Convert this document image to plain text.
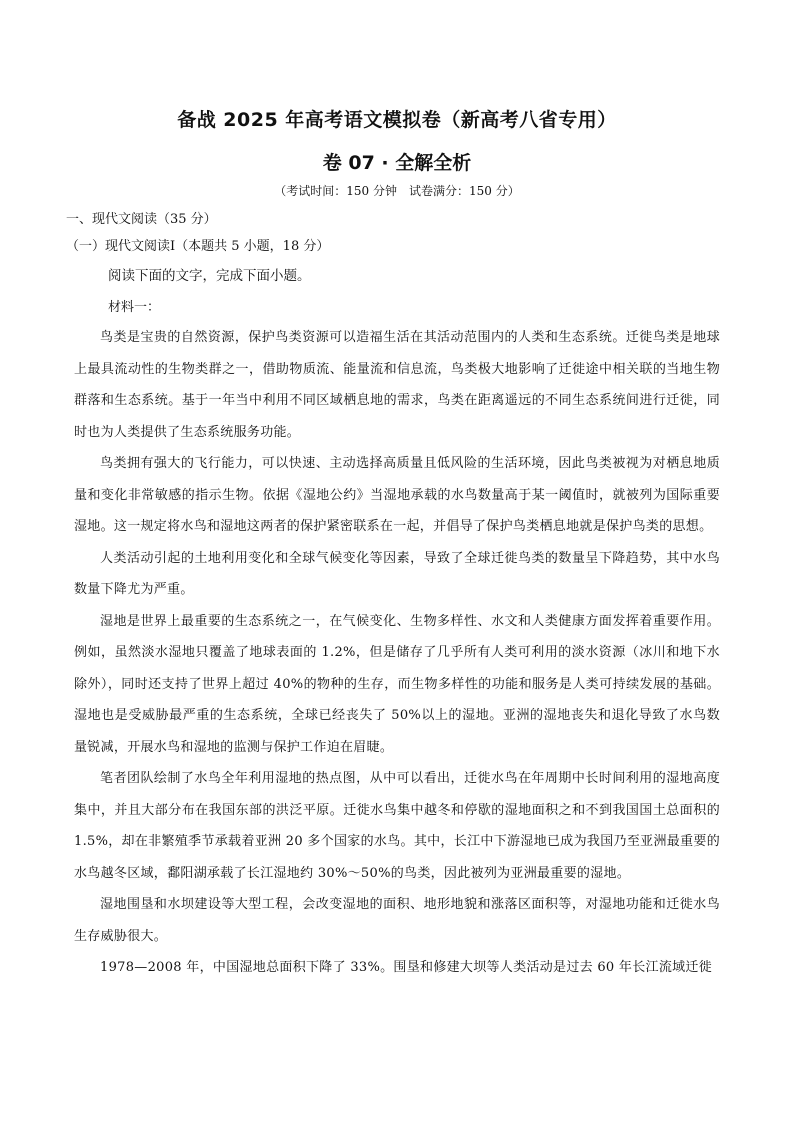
备战 2025 年高考语文模拟卷（新高考八省专用）
卷 07 · 全解全析
（考试时间：150 分钟　试卷满分：150 分）
一、现代文阅读（35 分）
（一）现代文阅读Ⅰ（本题共 5 小题，18 分）
阅读下面的文字，完成下面小题。
材料一：

鸟类是宝贵的自然资源，保护鸟类资源可以造福生活在其活动范围内的人类和生态系统。迁徙鸟类是地球上最具流动性的生物类群之一，借助物质流、能量流和信息流，鸟类极大地影响了迁徙途中相关联的当地生物群落和生态系统。基于一年当中利用不同区域栖息地的需求，鸟类在距离遥远的不同生态系统间进行迁徙，同时也为人类提供了生态系统服务功能。

鸟类拥有强大的飞行能力，可以快速、主动选择高质量且低风险的生活环境，因此鸟类被视为对栖息地质量和变化非常敏感的指示生物。依据《湿地公约》当湿地承载的水鸟数量高于某一阈值时，就被列为国际重要湿地。这一规定将水鸟和湿地这两者的保护紧密联系在一起，并倡导了保护鸟类栖息地就是保护鸟类的思想。

人类活动引起的土地利用变化和全球气候变化等因素，导致了全球迁徙鸟类的数量呈下降趋势，其中水鸟数量下降尤为严重。

湿地是世界上最重要的生态系统之一，在气候变化、生物多样性、水文和人类健康方面发挥着重要作用。例如，虽然淡水湿地只覆盖了地球表面的 1.2%，但是储存了几乎所有人类可利用的淡水资源（冰川和地下水除外），同时还支持了世界上超过 40%的物种的生存，而生物多样性的功能和服务是人类可持续发展的基础。湿地也是受威胁最严重的生态系统，全球已经丧失了 50%以上的湿地。亚洲的湿地丧失和退化导致了水鸟数量锐减，开展水鸟和湿地的监测与保护工作迫在眉睫。

笔者团队绘制了水鸟全年利用湿地的热点图，从中可以看出，迁徙水鸟在年周期中长时间利用的湿地高度集中，并且大部分布在我国东部的洪泛平原。迁徙水鸟集中越冬和停歇的湿地面积之和不到我国国土总面积的 1.5%，却在非繁殖季节承载着亚洲 20 多个国家的水鸟。其中，长江中下游湿地已成为我国乃至亚洲最重要的水鸟越冬区域，鄱阳湖承载了长江湿地约 30%～50%的鸟类，因此被列为亚洲最重要的湿地。

湿地围垦和水坝建设等大型工程，会改变湿地的面积、地形地貌和涨落区面积等，对湿地功能和迁徙水鸟生存威胁很大。

1978—2008 年，中国湿地总面积下降了 33%。围垦和修建大坝等人类活动是过去 60 年长江流域迁徙
